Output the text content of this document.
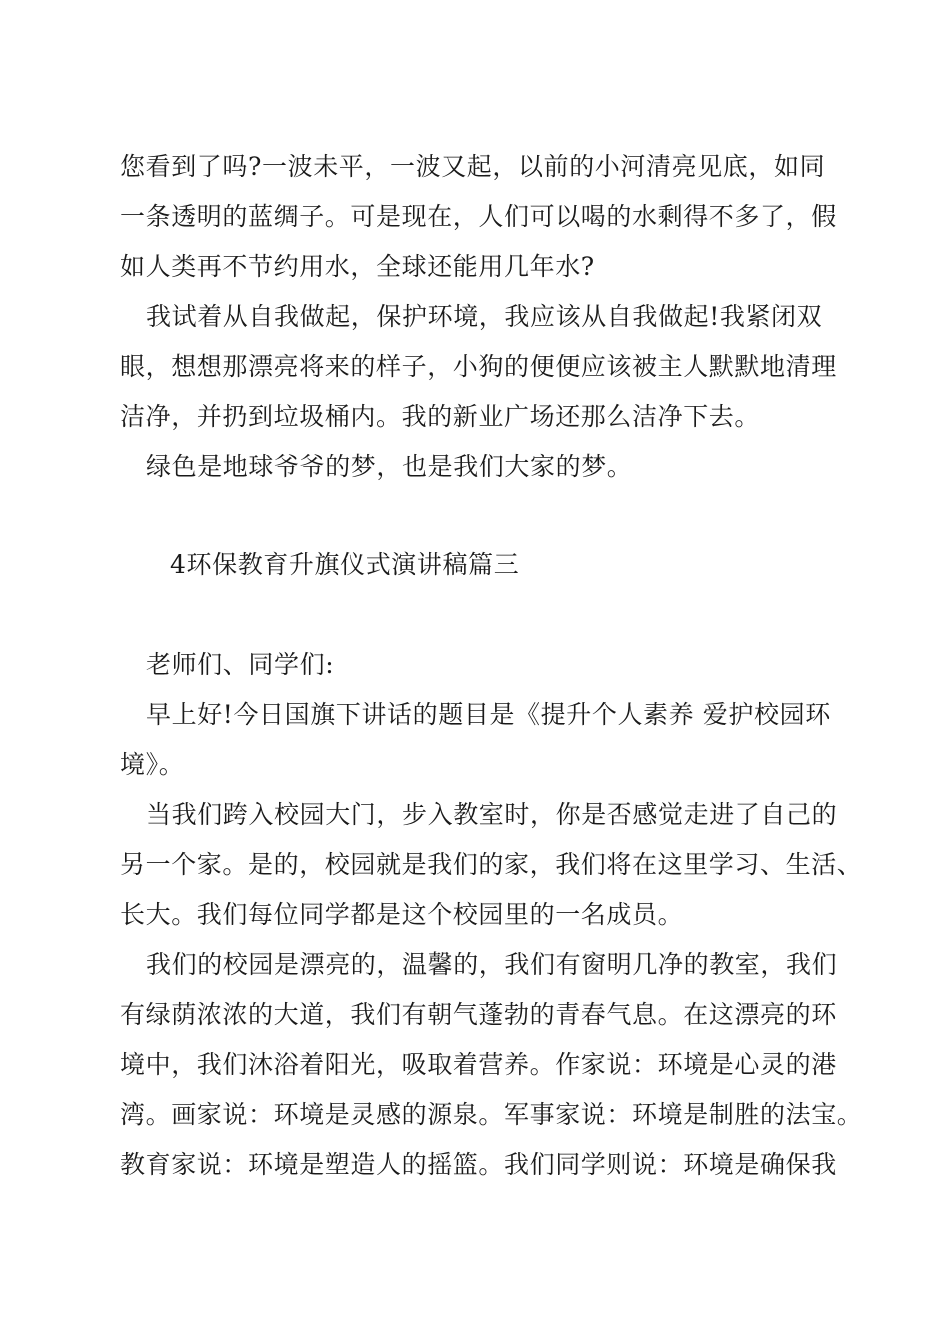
您看到了吗?一波未平，一波又起，以前的小河清亮见底，如同
一条透明的蓝绸子。可是现在，人们可以喝的水剩得不多了，假
如人类再不节约用水，全球还能用几年水?
我试着从自我做起，保护环境，我应该从自我做起!我紧闭双
眼，想想那漂亮将来的样子，小狗的便便应该被主人默默地清理
洁净，并扔到垃圾桶内。我的新业广场还那么洁净下去。
绿色是地球爷爷的梦，也是我们大家的梦。
4环保教育升旗仪式演讲稿篇三
老师们、同学们:
早上好!今日国旗下讲话的题目是《提升个人素养 爱护校园环
境》。
当我们跨入校园大门，步入教室时，你是否感觉走进了自己的
另一个家。是的，校园就是我们的家，我们将在这里学习、生活、
长大。我们每位同学都是这个校园里的一名成员。
我们的校园是漂亮的，温馨的，我们有窗明几净的教室，我们
有绿荫浓浓的大道，我们有朝气蓬勃的青春气息。在这漂亮的环
境中，我们沐浴着阳光，吸取着营养。作家说：环境是心灵的港
湾。画家说：环境是灵感的源泉。军事家说：环境是制胜的法宝。
教育家说：环境是塑造人的摇篮。我们同学则说：环境是确保我
